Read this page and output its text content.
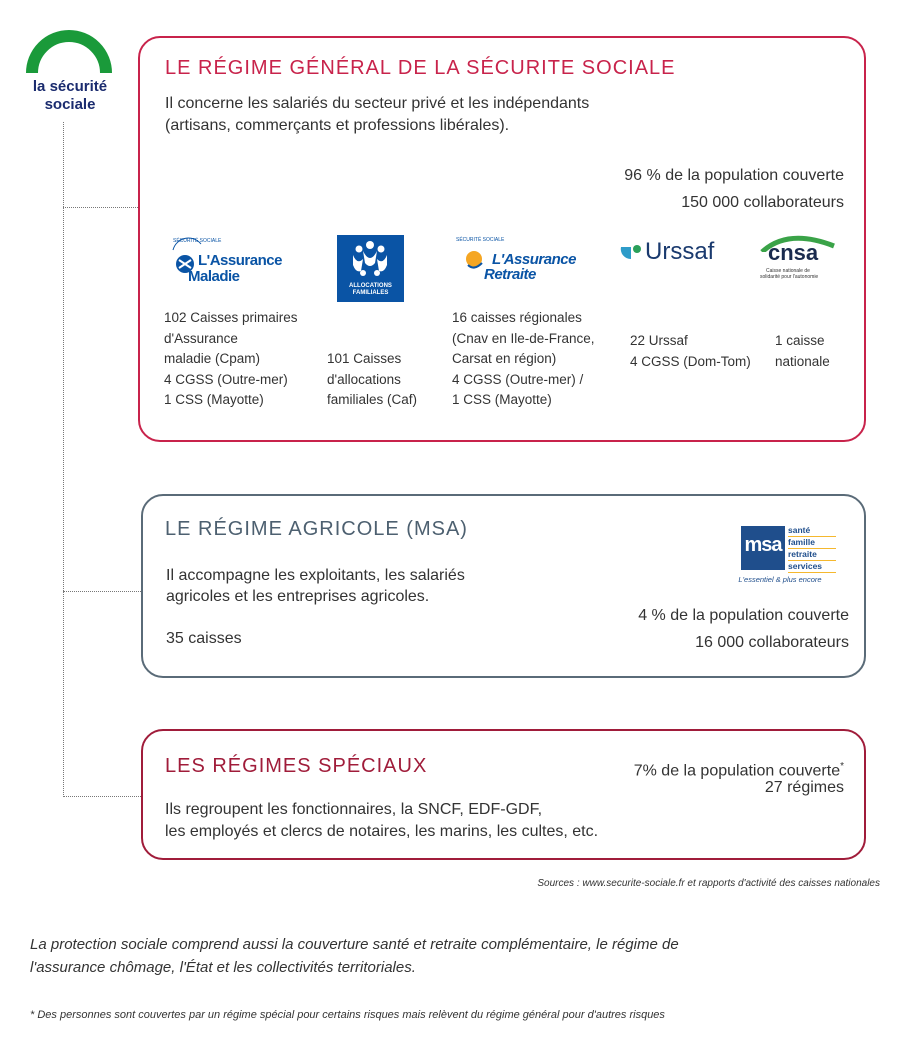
la sécurité
sociale
LE RÉGIME GÉNÉRAL DE LA SÉCURITE SOCIALE
Il concerne les salariés du secteur privé et les indépendants
(artisans, commerçants et professions libérales).
96 % de la population couverte
150 000 collaborateurs
SÉCURITÉ SOCIALE
L'Assurance
Maladie
ALLOCATIONS
FAMILIALES
SÉCURITÉ SOCIALE
L'Assurance
Retraite
Urssaf cnsa
Caisse nationale de
solidarité pour l'autonomie
102 Caisses primaires
d'Assurance
maladie (Cpam)
4 CGSS (Outre-mer)
1 CSS (Mayotte)
101 Caisses
d'allocations
familiales (Caf)
16 caisses régionales
(Cnav en Ile-de-France,
Carsat en région)
4 CGSS (Outre-mer) /
1 CSS (Mayotte)
22 Urssaf
4 CGSS (Dom-Tom)
1 caisse
nationale
LE RÉGIME AGRICOLE (MSA)
Il accompagne les exploitants, les salariés
agricoles et les entreprises agricoles.
35 caisses
4 % de la population couverte
16 000 collaborateurs
msa
santé
famille
retraite
services
L'essentiel & plus encore
LES RÉGIMES SPÉCIAUX	7% de la population couverte*
27 régimes
Ils regroupent les fonctionnaires, la SNCF, EDF-GDF,
les employés et clercs de notaires, les marins, les cultes, etc.
Sources : www.securite-sociale.fr et rapports d'activité des caisses nationales
La protection sociale comprend aussi la couverture santé et retraite complémentaire, le régime de
l'assurance chômage, l'État et les collectivités territoriales.
* Des personnes sont couvertes par un régime spécial pour certains risques mais relèvent du régime général pour d'autres risques
